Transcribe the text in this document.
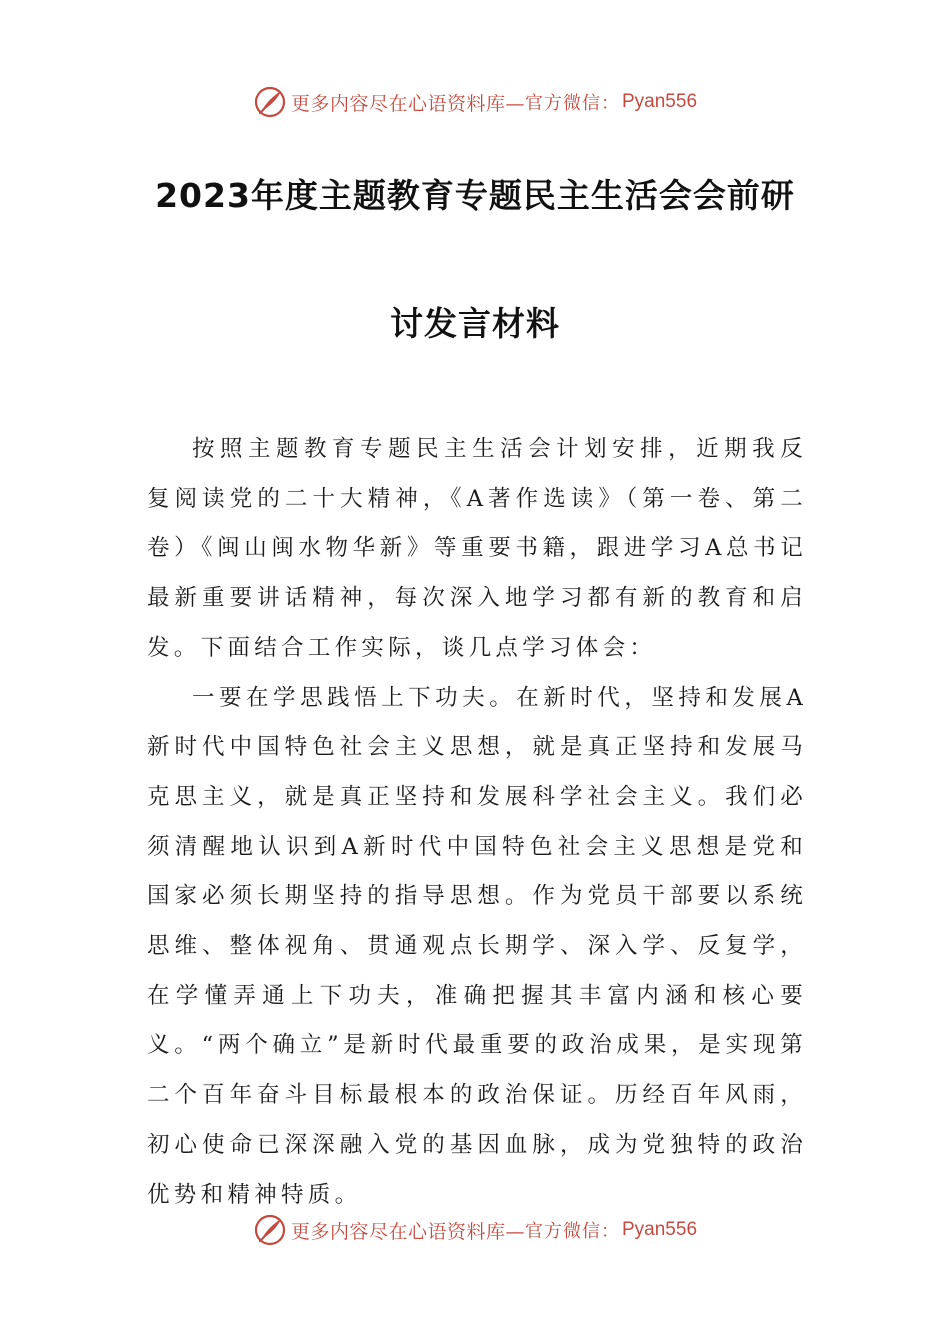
更多内容尽在心语资料库— 官方微信： Pyan556
2023年度主题教育专题民主生活会会前研
讨发言材料

按照主题教育专题民主生活会计划安排，近期我反复阅读党的二十大精神，《A著作选读》（第一卷、第二卷）《闽山闽水物华新》等重要书籍，跟进学习A总书记最新重要讲话精神，每次深入地学习都有新的教育和启发。下面结合工作实际，谈几点学习体会：

一要在学思践悟上下功夫。在新时代，坚持和发展A新时代中国特色社会主义思想，就是真正坚持和发展马克思主义，就是真正坚持和发展科学社会主义。我们必须清醒地认识到A新时代中国特色社会主义思想是党和国家必须长期坚持的指导思想。作为党员干部要以系统思维、整体视角、贯通观点长期学、深入学、反复学，在学懂弄通上下功夫，准确把握其丰富内涵和核心要义。“两个确立”是新时代最重要的政治成果，是实现第二个百年奋斗目标最根本的政治保证。历经百年风雨，初心使命已深深融入党的基因血脉，成为党独特的政治优势和精神特质。

更多内容尽在心语资料库— 官方微信： Pyan556
